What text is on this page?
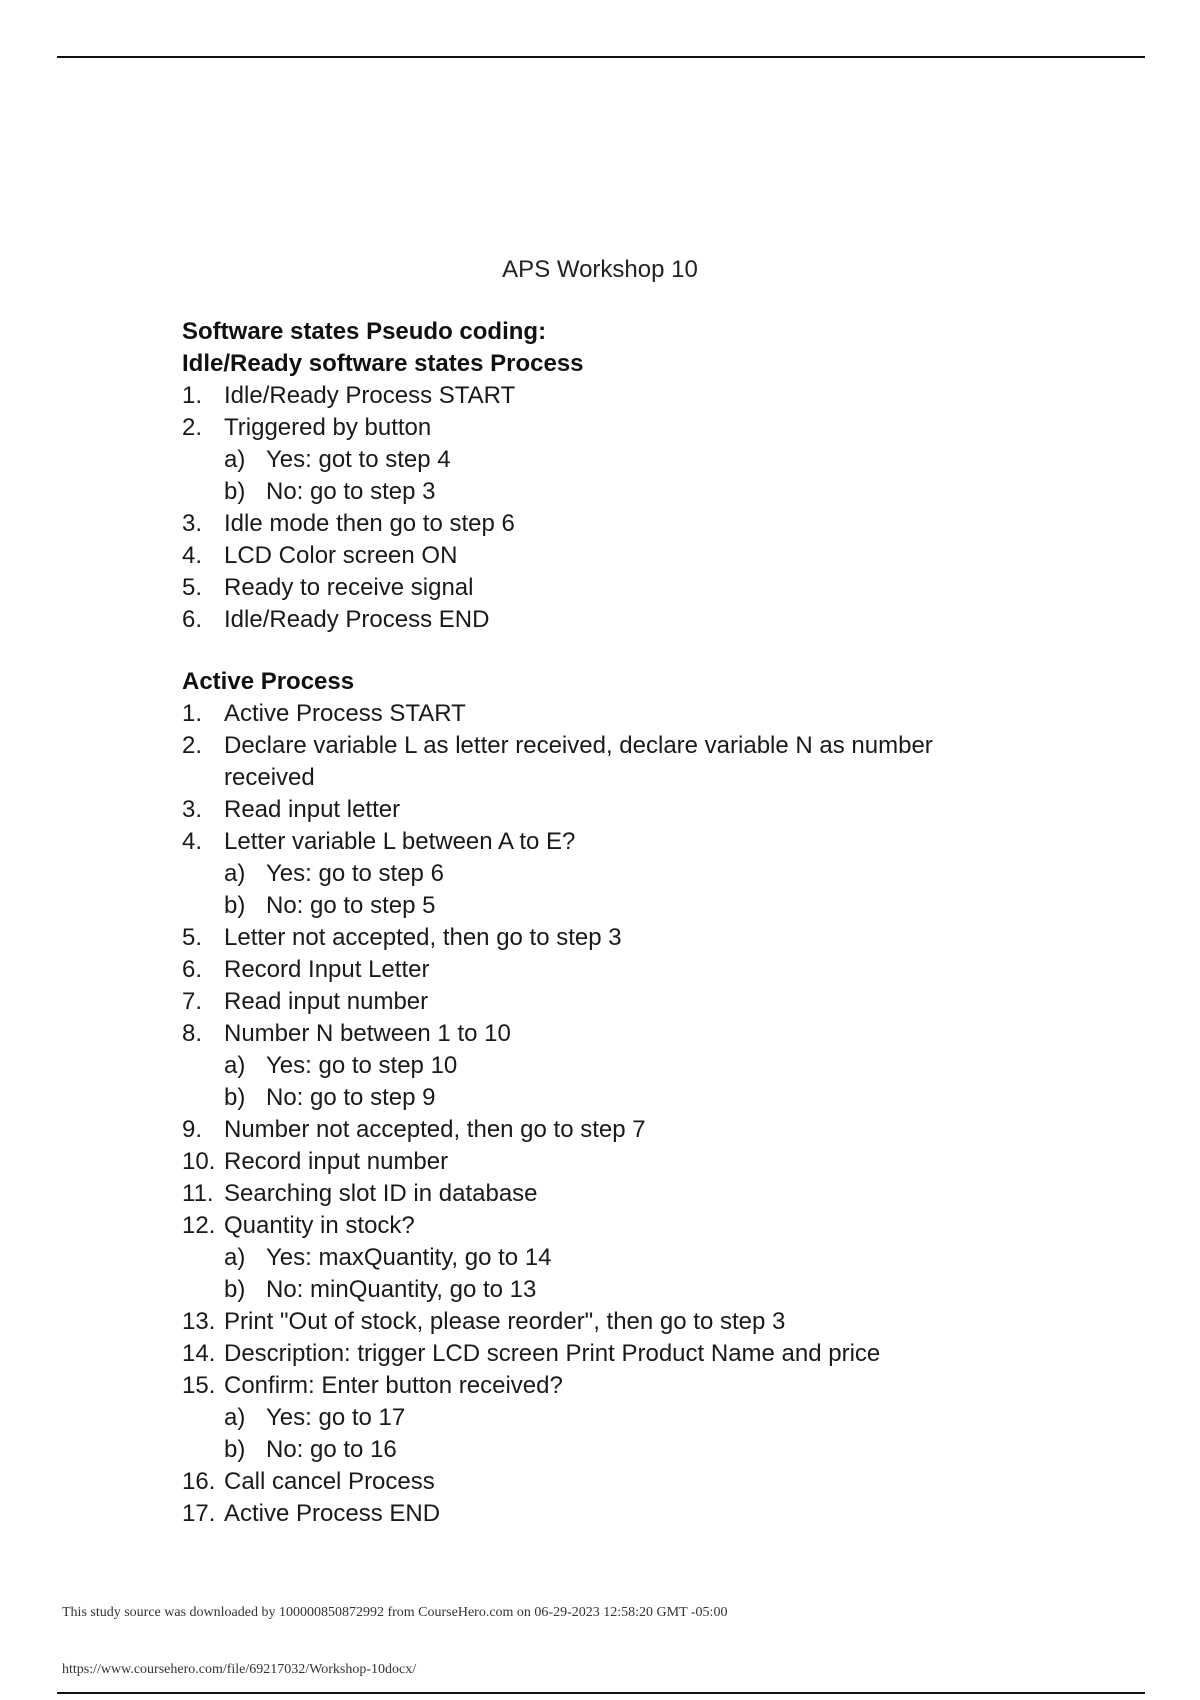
APS Workshop 10
Software states Pseudo coding:
Idle/Ready software states Process
1. Idle/Ready Process START
2. Triggered by button
a) Yes: got to step 4
b) No: go to step 3
3. Idle mode then go to step 6
4. LCD Color screen ON
5. Ready to receive signal
6. Idle/Ready Process END
Active Process
1. Active Process START
2. Declare variable L as letter received, declare variable N as number
received
3. Read input letter
4. Letter variable L between A to E?
a) Yes: go to step 6
b) No: go to step 5
5. Letter not accepted, then go to step 3
6. Record Input Letter
7. Read input number
8. Number N between 1 to 10
a) Yes: go to step 10
b) No: go to step 9
9. Number not accepted, then go to step 7
10. Record input number
11. Searching slot ID in database
12. Quantity in stock?
a) Yes: maxQuantity, go to 14
b) No: minQuantity, go to 13
13. Print "Out of stock, please reorder", then go to step 3
14. Description: trigger LCD screen Print Product Name and price
15. Confirm: Enter button received?
a) Yes: go to 17
b) No: go to 16
16. Call cancel Process
17. Active Process END
This study source was downloaded by 100000850872992 from CourseHero.com on 06-29-2023 12:58:20 GMT -05:00
https://www.coursehero.com/file/69217032/Workshop-10docx/
